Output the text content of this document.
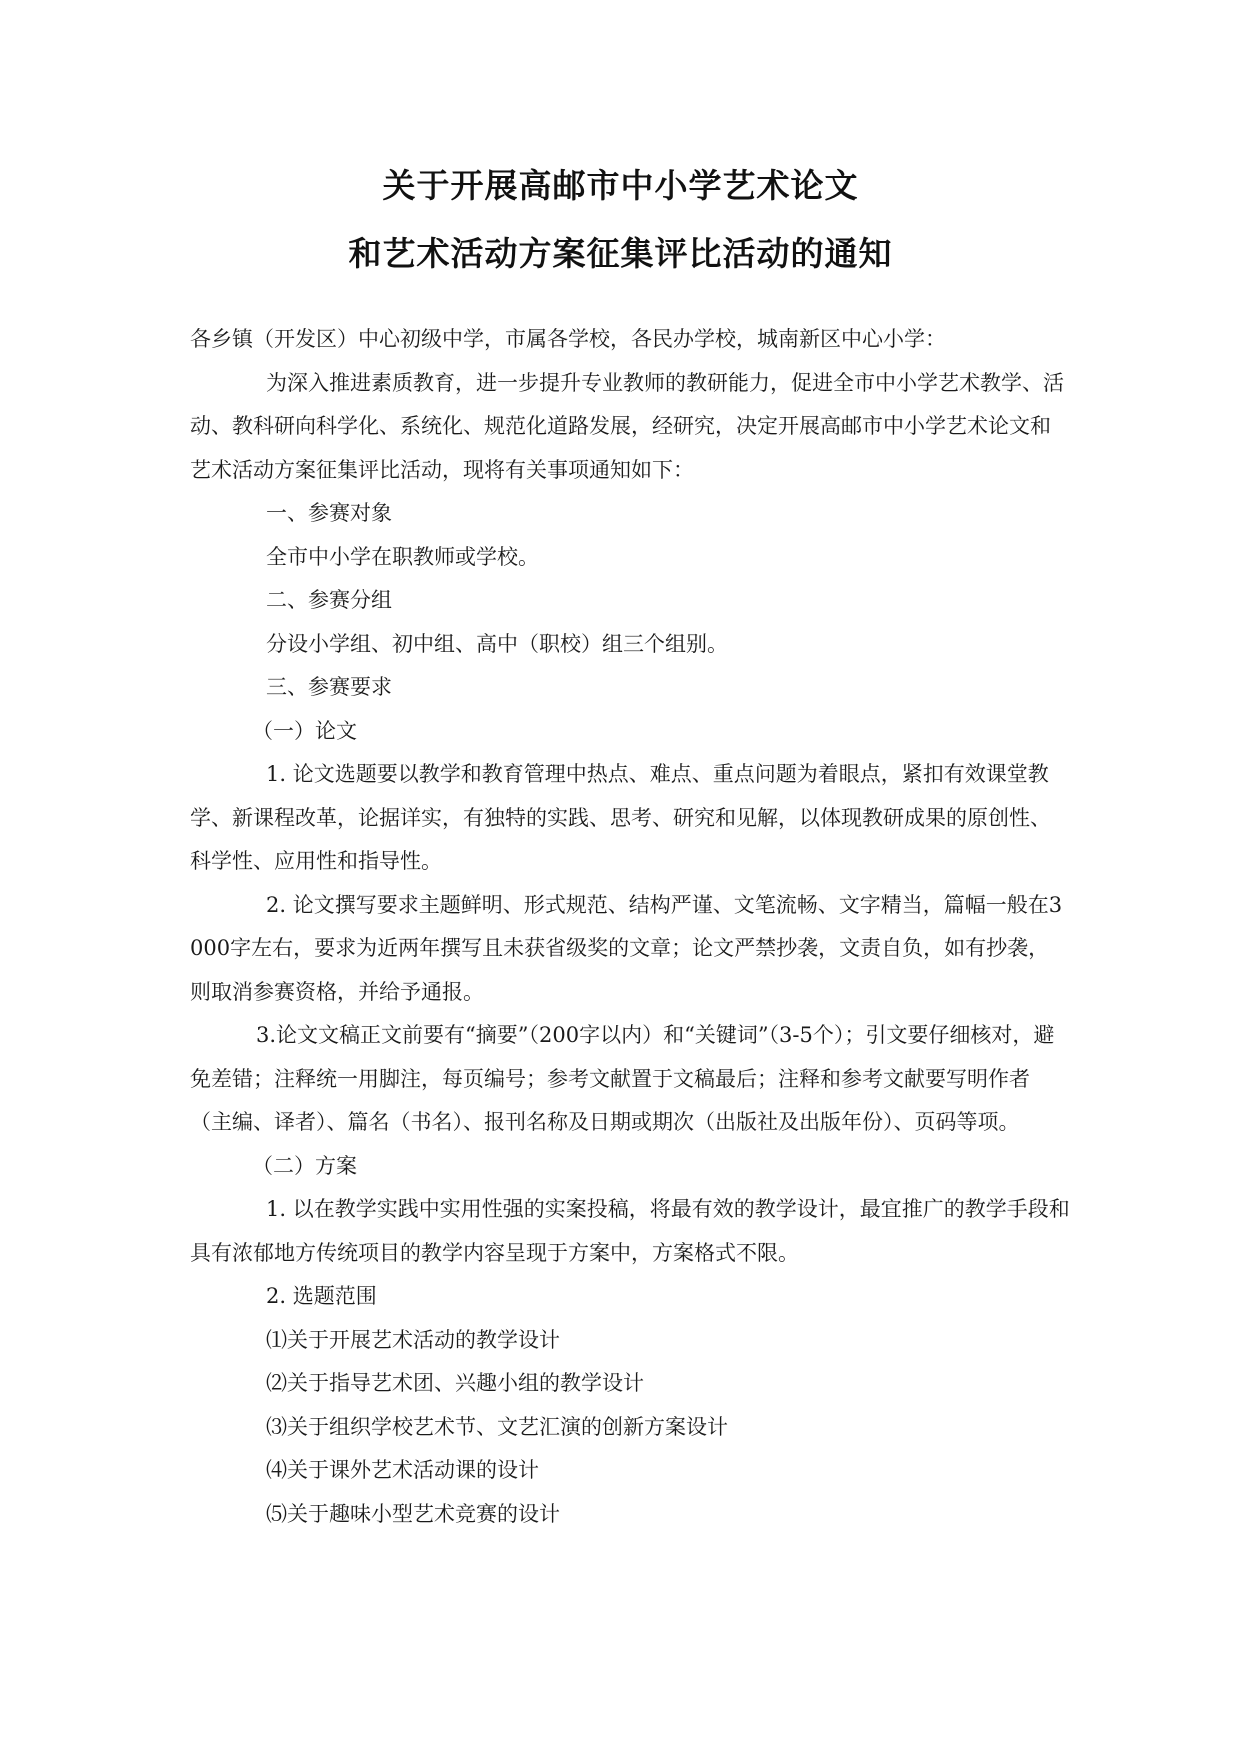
关于开展高邮市中小学艺术论文
和艺术活动方案征集评比活动的通知

各乡镇（开发区）中心初级中学，市属各学校，各民办学校，城南新区中心小学：

为深入推进素质教育，进一步提升专业教师的教研能力，促进全市中小学艺术教学、活动、教科研向科学化、系统化、规范化道路发展，经研究，决定开展高邮市中小学艺术论文和艺术活动方案征集评比活动，现将有关事项通知如下：

一、参赛对象

全市中小学在职教师或学校。

二、参赛分组

分设小学组、初中组、高中（职校）组三个组别。

三、参赛要求

（一）论文

1. 论文选题要以教学和教育管理中热点、难点、重点问题为着眼点，紧扣有效课堂教学、新课程改革，论据详实，有独特的实践、思考、研究和见解，以体现教研成果的原创性、科学性、应用性和指导性。

2. 论文撰写要求主题鲜明、形式规范、结构严谨、文笔流畅、文字精当，篇幅一般在3000字左右，要求为近两年撰写且未获省级奖的文章；论文严禁抄袭，文责自负，如有抄袭，则取消参赛资格，并给予通报。

3.论文文稿正文前要有“摘要”（200字以内）和“关键词”（3-5个）；引文要仔细核对，避免差错；注释统一用脚注，每页编号；参考文献置于文稿最后；注释和参考文献要写明作者（主编、译者）、篇名（书名）、报刊名称及日期或期次（出版社及出版年份）、页码等项。

（二）方案

1. 以在教学实践中实用性强的实案投稿，将最有效的教学设计，最宜推广的教学手段和具有浓郁地方传统项目的教学内容呈现于方案中，方案格式不限。

2. 选题范围

⑴关于开展艺术活动的教学设计

⑵关于指导艺术团、兴趣小组的教学设计

⑶关于组织学校艺术节、文艺汇演的创新方案设计

⑷关于课外艺术活动课的设计

⑸关于趣味小型艺术竞赛的设计
